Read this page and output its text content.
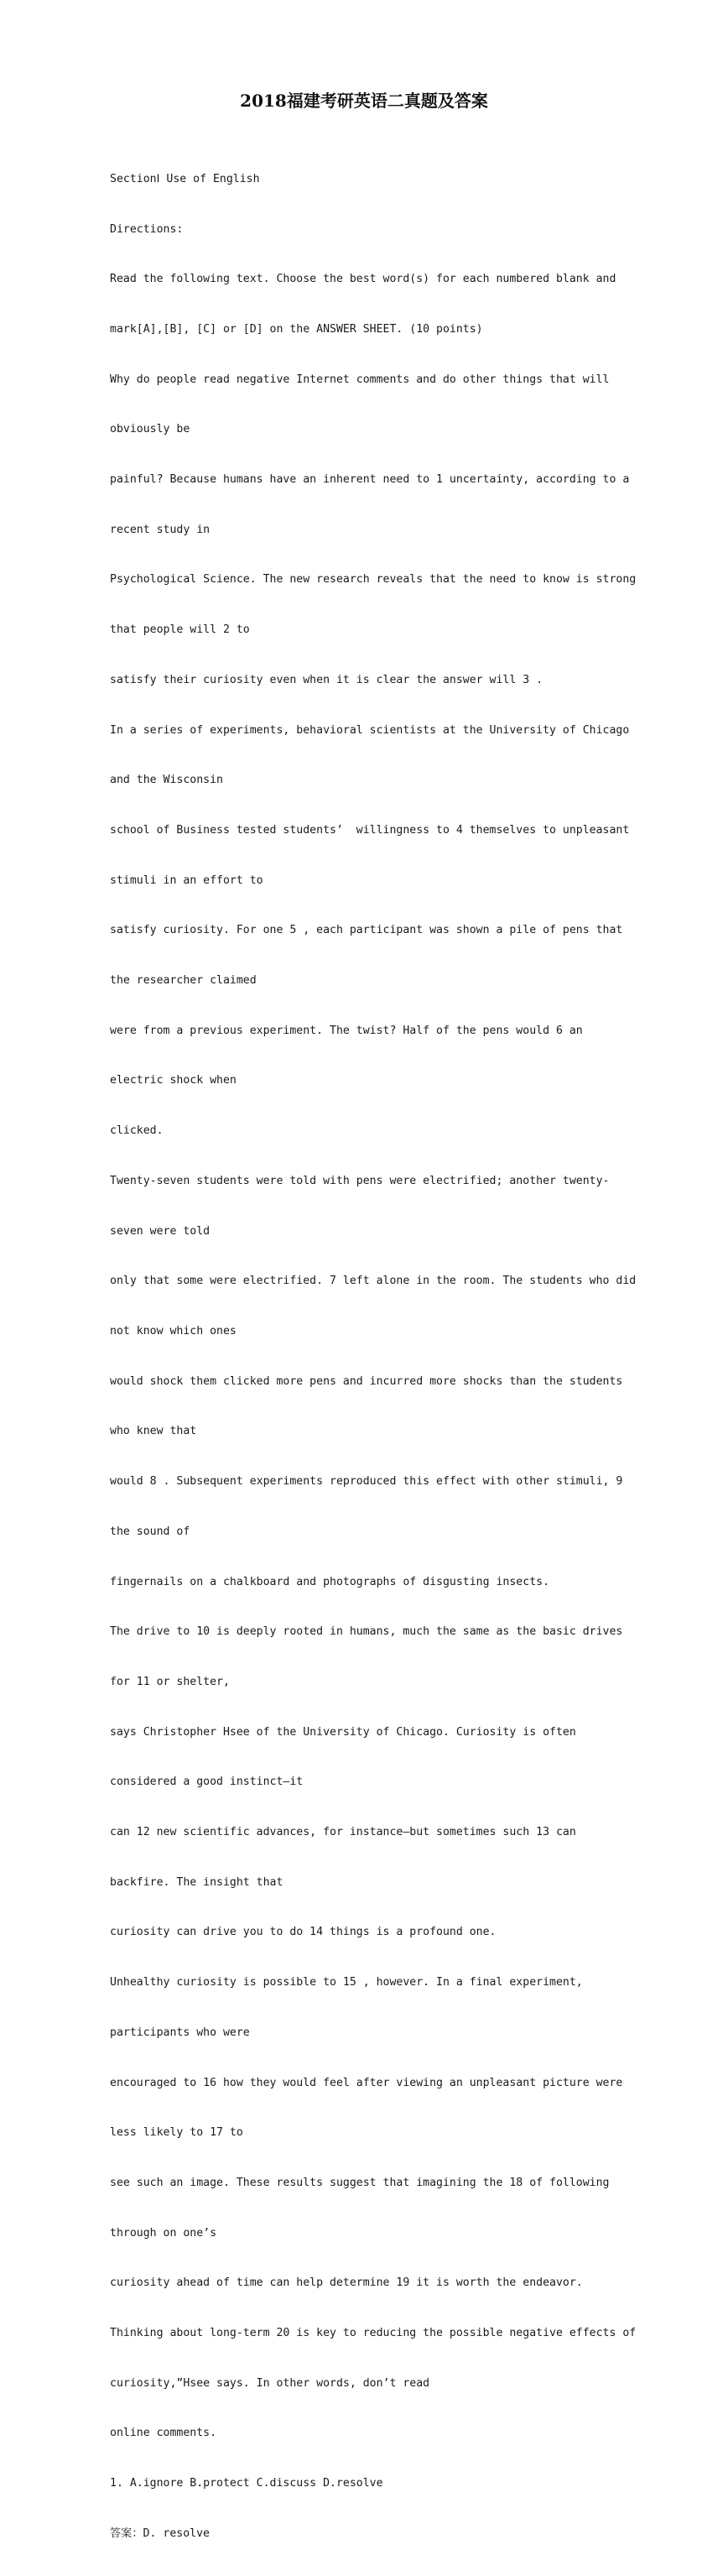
2018福建考研英语二真题及答案

SectionⅠ Use of English

Directions:

Read the following text. Choose the best word(s) for each numbered blank and

mark[A],[B], [C] or [D] on the ANSWER SHEET. (10 points)

Why do people read negative Internet comments and do other things that will

obviously be

painful? Because humans have an inherent need to 1 uncertainty, according to a

recent study in

Psychological Science. The new research reveals that the need to know is strong

that people will 2 to

satisfy their curiosity even when it is clear the answer will 3 .

In a series of experiments, behavioral scientists at the University of Chicago

and the Wisconsin

school of Business tested students’  willingness to 4 themselves to unpleasant

stimuli in an effort to

satisfy curiosity. For one 5 , each participant was shown a pile of pens that

the researcher claimed

were from a previous experiment. The twist? Half of the pens would 6 an

electric shock when

clicked.

Twenty-seven students were told with pens were electrified; another twenty-

seven were told

only that some were electrified. 7 left alone in the room. The students who did

not know which ones

would shock them clicked more pens and incurred more shocks than the students

who knew that

would 8 . Subsequent experiments reproduced this effect with other stimuli, 9

the sound of

fingernails on a chalkboard and photographs of disgusting insects.

The drive to 10 is deeply rooted in humans, much the same as the basic drives

for 11 or shelter,

says Christopher Hsee of the University of Chicago. Curiosity is often

considered a good instinct—it

can 12 new scientific advances, for instance—but sometimes such 13 can

backfire. The insight that

curiosity can drive you to do 14 things is a profound one.

Unhealthy curiosity is possible to 15 , however. In a final experiment,

participants who were

encouraged to 16 how they would feel after viewing an unpleasant picture were

less likely to 17 to

see such an image. These results suggest that imagining the 18 of following

through on one’s

curiosity ahead of time can help determine 19 it is worth the endeavor.

Thinking about long-term 20 is key to reducing the possible negative effects of

curiosity,”Hsee says. In other words, don’t read

online comments.

1. A.ignore B.protect C.discuss D.resolve

答案：D. resolve
